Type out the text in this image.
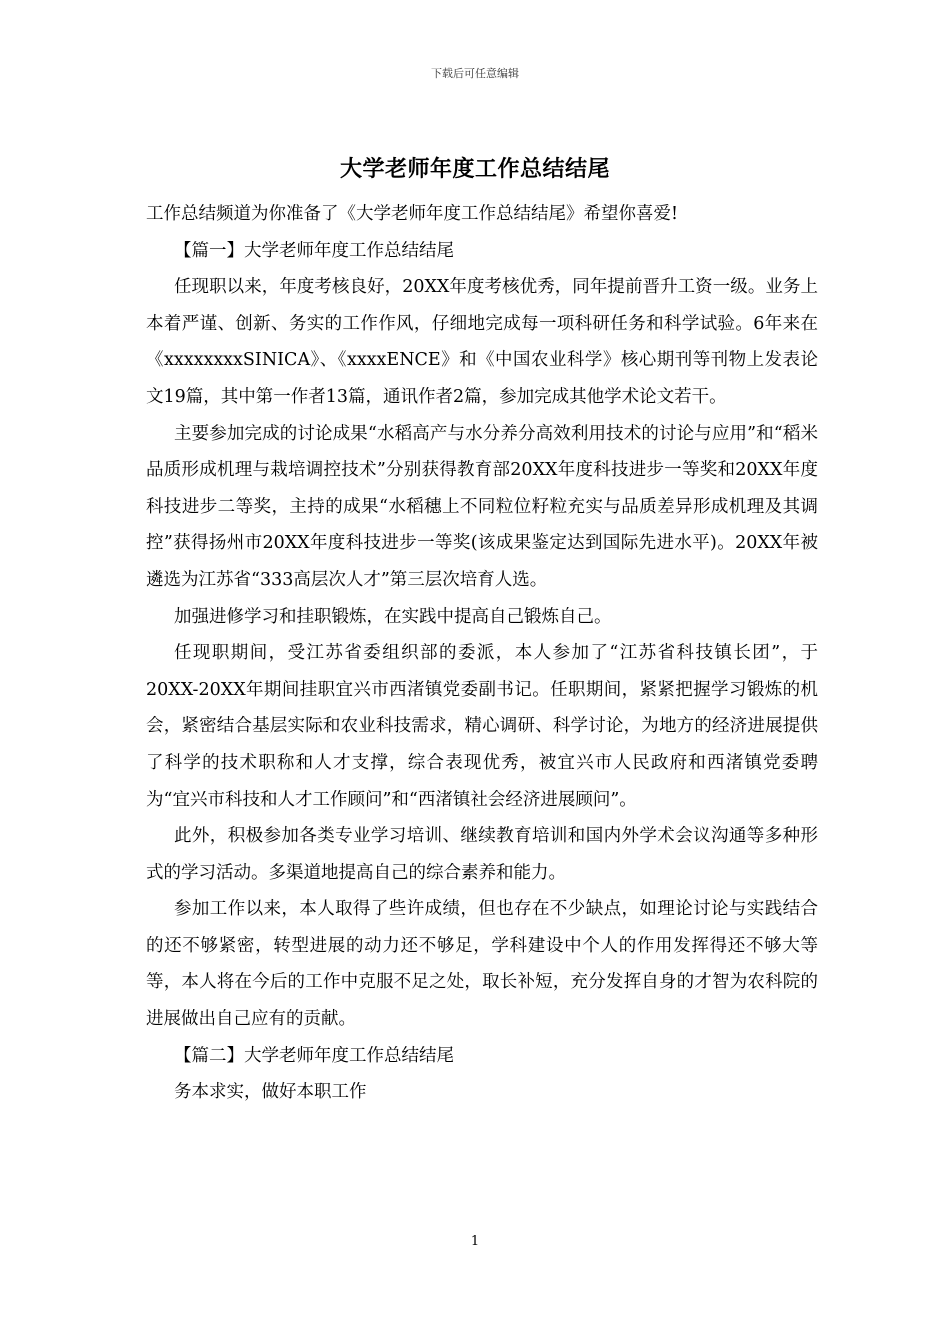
下载后可任意编辑
大学老师年度工作总结结尾

工作总结频道为你准备了《大学老师年度工作总结结尾》希望你喜爱!

【篇一】大学老师年度工作总结结尾

任现职以来，年度考核良好，20XX年度考核优秀，同年提前晋升工资一级。业务上本着严谨、创新、务实的工作作风，仔细地完成每一项科研任务和科学试验。6年来在《xxxxxxxxSINICA》、《xxxxENCE》和《中国农业科学》核心期刊等刊物上发表论文19篇，其中第一作者13篇，通讯作者2篇，参加完成其他学术论文若干。

主要参加完成的讨论成果“水稻高产与水分养分高效利用技术的讨论与应用”和“稻米品质形成机理与栽培调控技术”分别获得教育部20XX年度科技进步一等奖和20XX年度科技进步二等奖，主持的成果“水稻穗上不同粒位籽粒充实与品质差异形成机理及其调控”获得扬州市20XX年度科技进步一等奖(该成果鉴定达到国际先进水平)。20XX年被遴选为江苏省“333高层次人才”第三层次培育人选。

加强进修学习和挂职锻炼，在实践中提高自己锻炼自己。

任现职期间，受江苏省委组织部的委派，本人参加了“江苏省科技镇长团”，于20XX-20XX年期间挂职宜兴市西渚镇党委副书记。任职期间，紧紧把握学习锻炼的机会，紧密结合基层实际和农业科技需求，精心调研、科学讨论，为地方的经济进展提供了科学的技术职称和人才支撑，综合表现优秀，被宜兴市人民政府和西渚镇党委聘为“宜兴市科技和人才工作顾问”和“西渚镇社会经济进展顾问”。

此外，积极参加各类专业学习培训、继续教育培训和国内外学术会议沟通等多种形式的学习活动。多渠道地提高自己的综合素养和能力。

参加工作以来，本人取得了些许成绩，但也存在不少缺点，如理论讨论与实践结合的还不够紧密，转型进展的动力还不够足，学科建设中个人的作用发挥得还不够大等等，本人将在今后的工作中克服不足之处，取长补短，充分发挥自身的才智为农科院的进展做出自己应有的贡献。

【篇二】大学老师年度工作总结结尾

务本求实，做好本职工作

1
